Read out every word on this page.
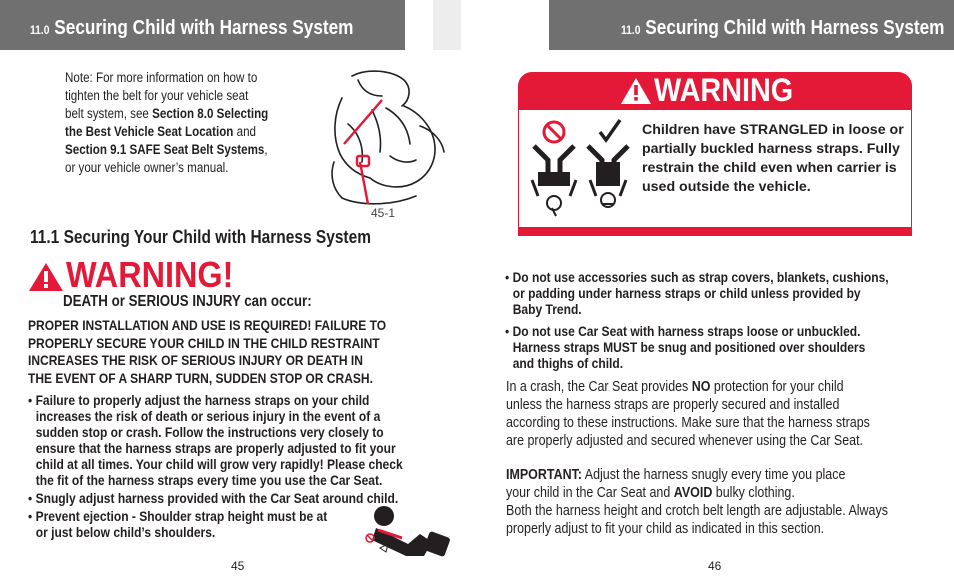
11.0 Securing Child with Harness System	11.0 Securing Child with Harness System
Note: For more information on how to
tighten the belt for your vehicle seat
belt system, see Section 8.0 Selecting
the Best Vehicle Seat Location and
Section 9.1 SAFE Seat Belt Systems,
or your vehicle owner’s manual.
45-1
11.1 Securing Your Child with Harness System
WARNING!
DEATH or SERIOUS INJURY can occur:
PROPER INSTALLATION AND USE IS REQUIRED! FAILURE TO
PROPERLY SECURE YOUR CHILD IN THE CHILD RESTRAINT
INCREASES THE RISK OF SERIOUS INJURY OR DEATH IN
THE EVENT OF A SHARP TURN, SUDDEN STOP OR CRASH.
• Failure to properly adjust the harness straps on your child
increases the risk of death or serious injury in the event of a
sudden stop or crash. Follow the instructions very closely to
ensure that the harness straps are properly adjusted to fit your
child at all times. Your child will grow very rapidly! Please check
the fit of the harness straps every time you use the Car Seat.
• Snugly adjust harness provided with the Car Seat around child.
• Prevent ejection - Shoulder strap height must be at
or just below child’s shoulders.
45
WARNING
Children have STRANGLED in loose or partially buckled harness straps. Fully restrain the child even when carrier is used outside the vehicle.
• Do not use accessories such as strap covers, blankets, cushions,
or padding under harness straps or child unless provided by
Baby Trend.
• Do not use Car Seat with harness straps loose or unbuckled.
Harness straps MUST be snug and positioned over shoulders
and thighs of child.
In a crash, the Car Seat provides NO protection for your child
unless the harness straps are properly secured and installed
according to these instructions. Make sure that the harness straps
are properly adjusted and secured whenever using the Car Seat.
IMPORTANT: Adjust the harness snugly every time you place
your child in the Car Seat and AVOID bulky clothing.
Both the harness height and crotch belt length are adjustable. Always
properly adjust to fit your child as indicated in this section.
46
